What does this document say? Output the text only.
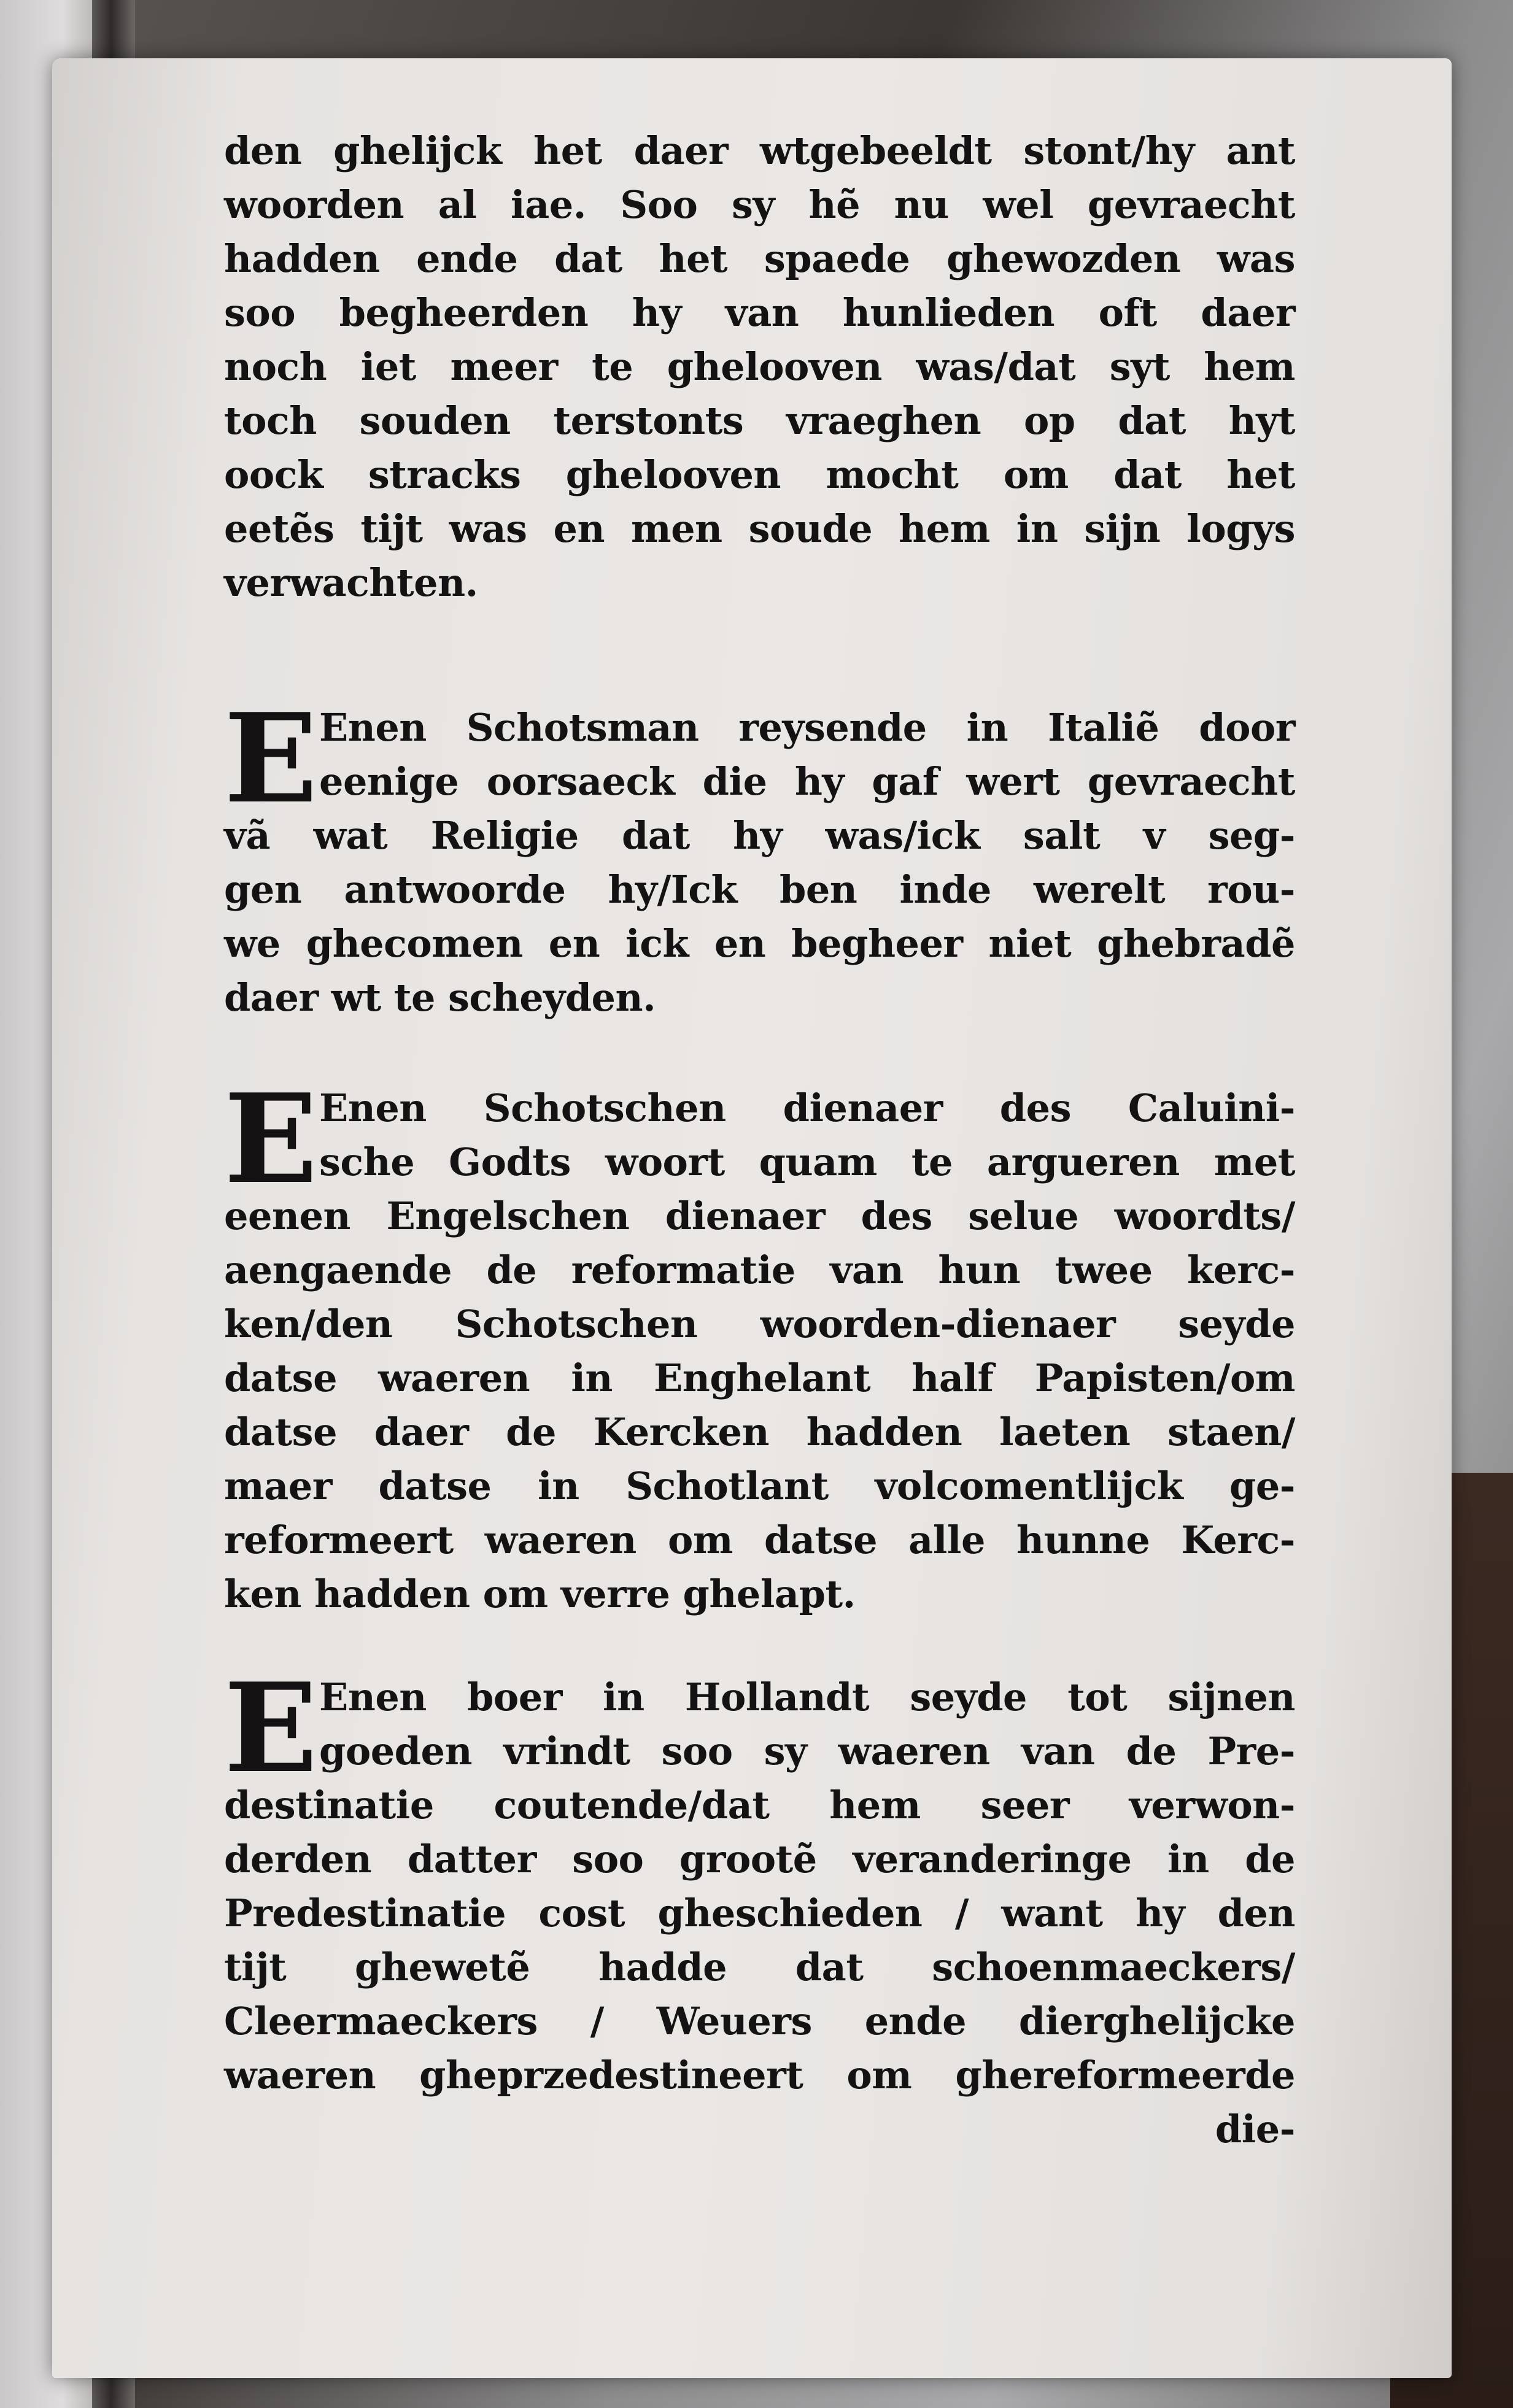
den ghelijck het daer wtgebeeldt stont/hy ant
woorden al iae. Soo sy hẽ nu wel gevraecht
hadden ende dat het spaede ghewozden was
soo begheerden hy van hunlieden oft daer
noch iet meer te ghelooven was/dat syt hem
toch souden terstonts vraeghen op dat hyt
oock stracks ghelooven mocht om dat het
eetẽs tijt was en men soude hem in sijn logys
verwachten.
E Enen Schotsman reysende in Italiẽ door
eenige oorsaeck die hy gaf wert gevraecht
vã wat Religie dat hy was/ick salt v seg-
gen antwoorde hy/Ick ben inde werelt rou-
we ghecomen en ick en begheer niet ghebradẽ
daer wt te scheyden.
E Enen Schotschen dienaer des Caluini-
sche Godts woort quam te argueren met
eenen Engelschen dienaer des selue woordts/
aengaende de reformatie van hun twee kerc-
ken/den Schotschen woorden-dienaer seyde
datse waeren in Enghelant half Papisten/om
datse daer de Kercken hadden laeten staen/
maer datse in Schotlant volcomentlijck ge-
reformeert waeren om datse alle hunne Kerc-
ken hadden om verre ghelapt.
E Enen boer in Hollandt seyde tot sijnen
goeden vrindt soo sy waeren van de Pre-
destinatie coutende/dat hem seer verwon-
derden datter soo grootẽ veranderinge in de
Predestinatie cost gheschieden / want hy den
tijt ghewetẽ hadde dat schoenmaeckers/
Cleermaeckers / Weuers ende dierghelijcke
waeren gheprzedestineert om ghereformeerde
die-
